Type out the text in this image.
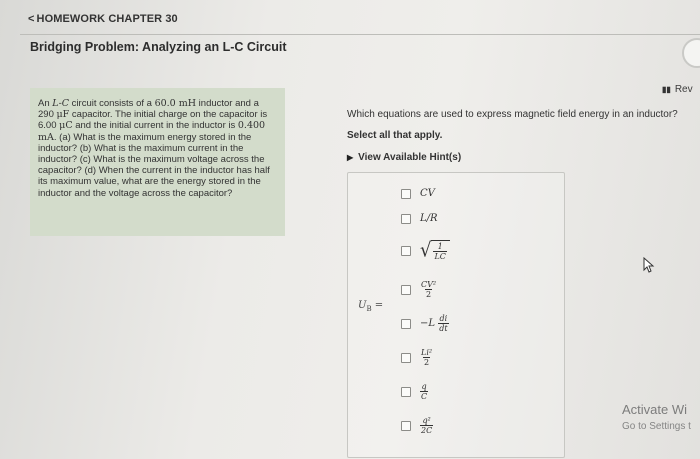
< HOMEWORK CHAPTER 30
Bridging Problem: Analyzing an L-C Circuit
▮▮ Rev
An L-C circuit consists of a 60.0 mH inductor and a 290 μF capacitor. The initial charge on the capacitor is 6.00 μC and the initial current in the inductor is 0.400 mA. (a) What is the maximum energy stored in the inductor? (b) What is the maximum current in the inductor? (c) What is the maximum voltage across the capacitor? (d) When the current in the inductor has half its maximum value, what are the energy stored in the inductor and the voltage across the capacitor?
Which equations are used to express magnetic field energy in an inductor?
Select all that apply.
▶ View Available Hint(s)
$U_B$ =
CV
L/R
√ $\frac{1}{LC}$
$\frac{\text{CV²}}{2}$
$-L \frac{di}{dt}$
$\frac{\text{Li²}}{2}$
$\frac{q}{C}$
$\frac{\text{q²}}{2C}$
Activate Wi
Go to Settings t
